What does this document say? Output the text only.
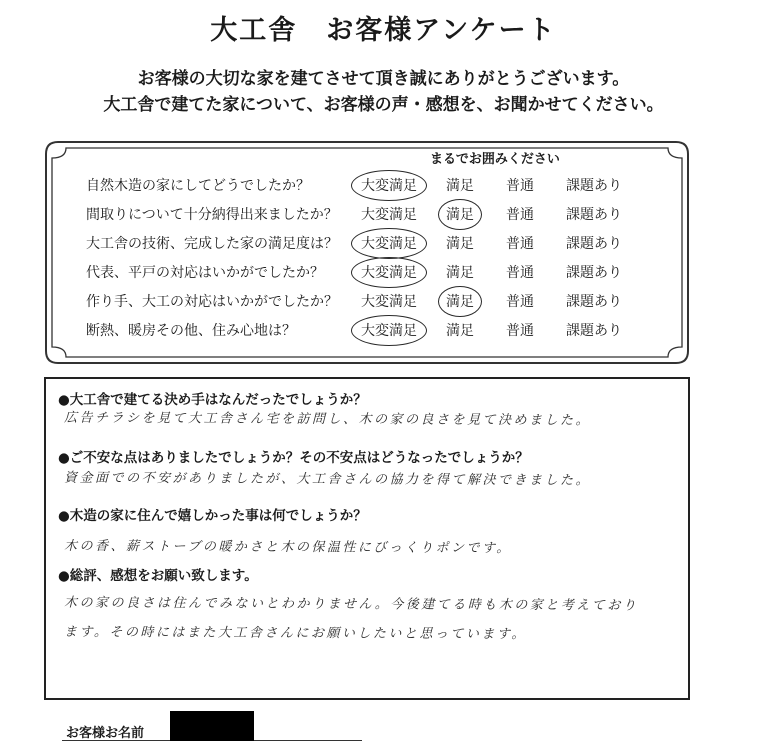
大工舎　お客様アンケート
お客様の大切な家を建てさせて頂き誠にありがとうございます。
大工舎で建てた家について、お客様の声・感想を、お聞かせてください。
まるでお囲みください
自然木造の家にしてどうでしたか？	大変満足	満足	普通	課題あり
間取りについて十分納得出来ましたか？	大変満足	満足	普通	課題あり
大工舎の技術、完成した家の満足度は？	大変満足	満足	普通	課題あり
代表、平戸の対応はいかがでしたか？	大変満足	満足	普通	課題あり
作り手、大工の対応はいかがでしたか？	大変満足	満足	普通	課題あり
断熱、暖房その他、住み心地は？	大変満足	満足	普通	課題あり
●大工舎で建てる決め手はなんだったでしょうか？
広告チラシを見て大工舎さん宅を訪問し、木の家の良さを見て決めました。
●ご不安な点はありましたでしょうか？その不安点はどうなったでしょうか？
資金面での不安がありましたが、大工舎さんの協力を得て解決できました。
●木造の家に住んで嬉しかった事は何でしょうか？
木の香、薪ストーブの暖かさと木の保温性にびっくりポンです。
●総評、感想をお願い致します。
木の家の良さは住んでみないとわかりません。今後建てる時も木の家と考えており
ます。その時にはまた大工舎さんにお願いしたいと思っています。
お客様お名前
